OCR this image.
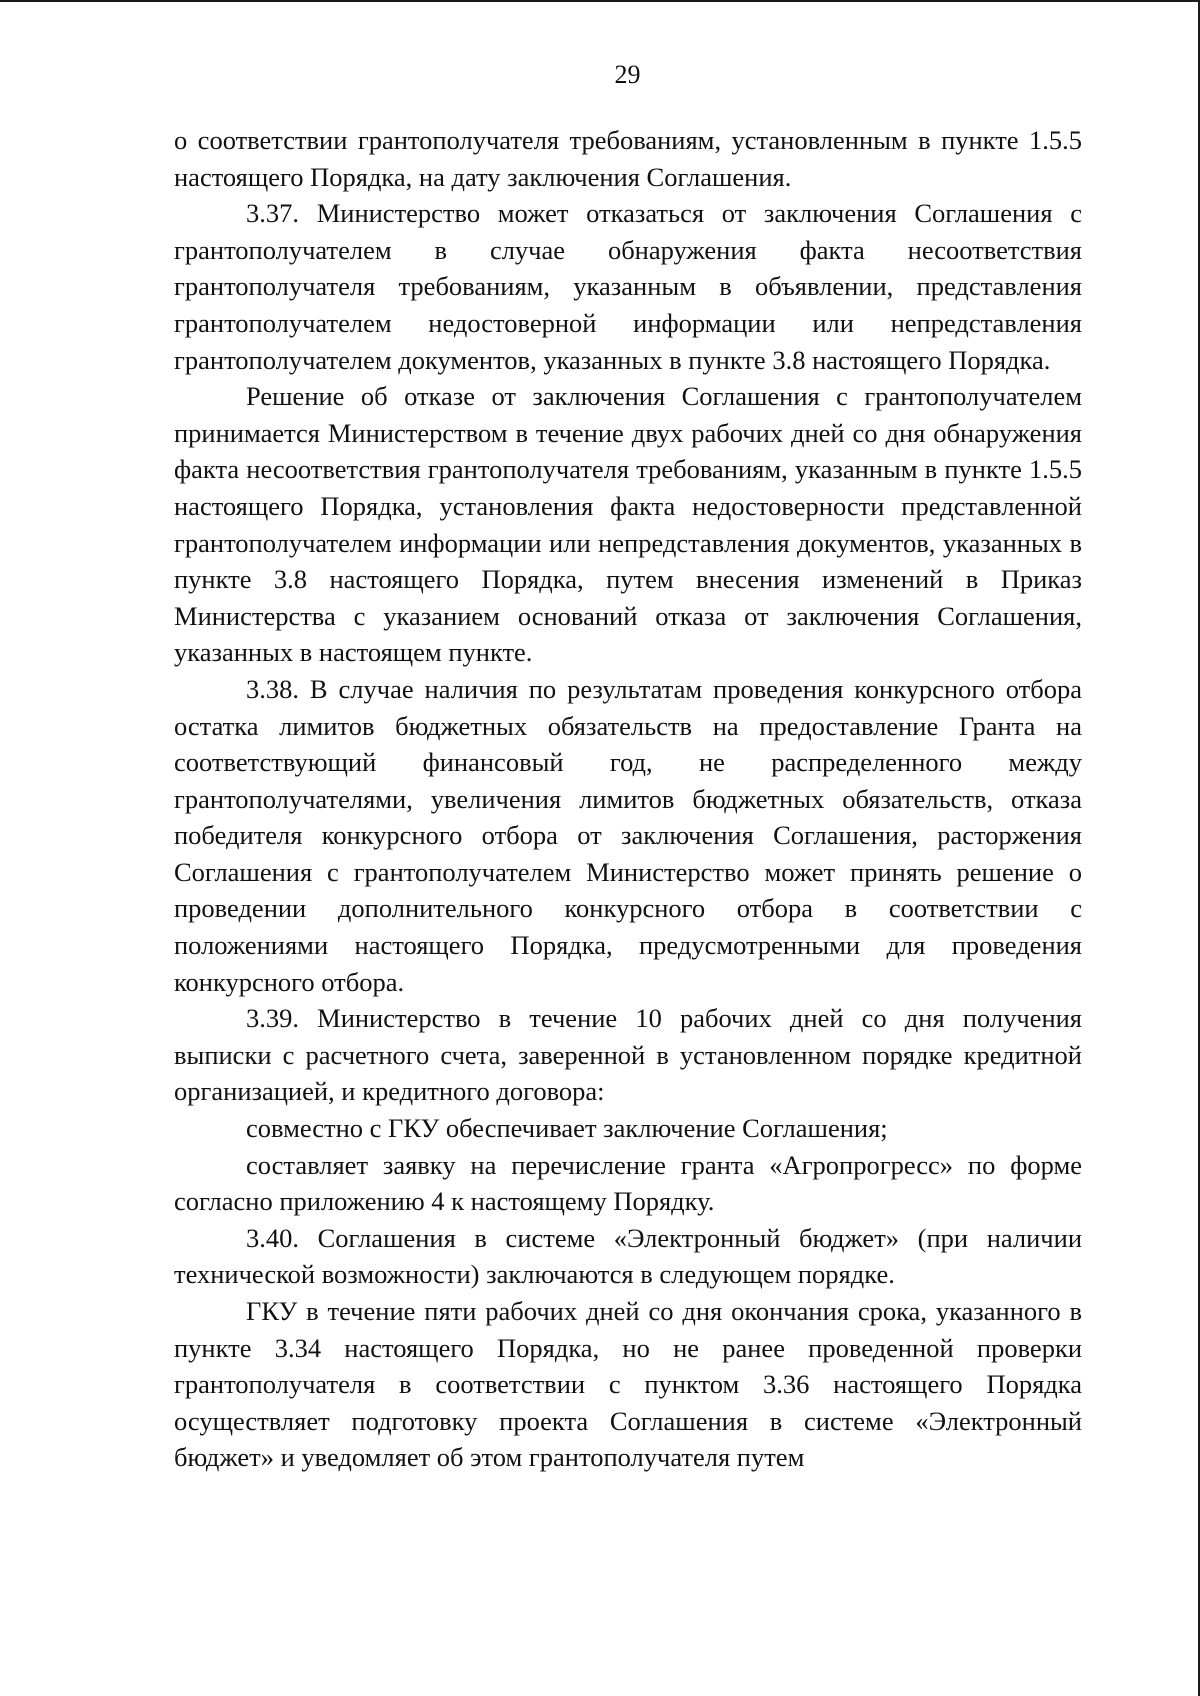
29

о соответствии грантополучателя требованиям, установленным в пункте 1.5.5 настоящего Порядка, на дату заключения Соглашения.

3.37. Министерство может отказаться от заключения Соглашения с грантополучателем в случае обнаружения факта несоответствия грантополучателя требованиям, указанным в объявлении, представления грантополучателем недостоверной информации или непредставления грантополучателем документов, указанных в пункте 3.8 настоящего Порядка.

Решение об отказе от заключения Соглашения с грантополучателем принимается Министерством в течение двух рабочих дней со дня обнаружения факта несоответствия грантополучателя требованиям, указанным в пункте 1.5.5 настоящего Порядка, установления факта недостоверности представленной грантополучателем информации или непредставления документов, указанных в пункте 3.8 настоящего Порядка, путем внесения изменений в Приказ Министерства с указанием оснований отказа от заключения Соглашения, указанных в настоящем пункте.

3.38. В случае наличия по результатам проведения конкурсного отбора остатка лимитов бюджетных обязательств на предоставление Гранта на соответствующий финансовый год, не распределенного между грантополучателями, увеличения лимитов бюджетных обязательств, отказа победителя конкурсного отбора от заключения Соглашения, расторжения Соглашения с грантополучателем Министерство может принять решение о проведении дополнительного конкурсного отбора в соответствии с положениями настоящего Порядка, предусмотренными для проведения конкурсного отбора.

3.39. Министерство в течение 10 рабочих дней со дня получения выписки с расчетного счета, заверенной в установленном порядке кредитной организацией, и кредитного договора:

совместно с ГКУ обеспечивает заключение Соглашения;

составляет заявку на перечисление гранта «Агропрогресс» по форме согласно приложению 4 к настоящему Порядку.

3.40. Соглашения в системе «Электронный бюджет» (при наличии технической возможности) заключаются в следующем порядке.

ГКУ в течение пяти рабочих дней со дня окончания срока, указанного в пункте 3.34 настоящего Порядка, но не ранее проведенной проверки грантополучателя в соответствии с пунктом 3.36 настоящего Порядка осуществляет подготовку проекта Соглашения в системе «Электронный бюджет» и уведомляет об этом грантополучателя путем
